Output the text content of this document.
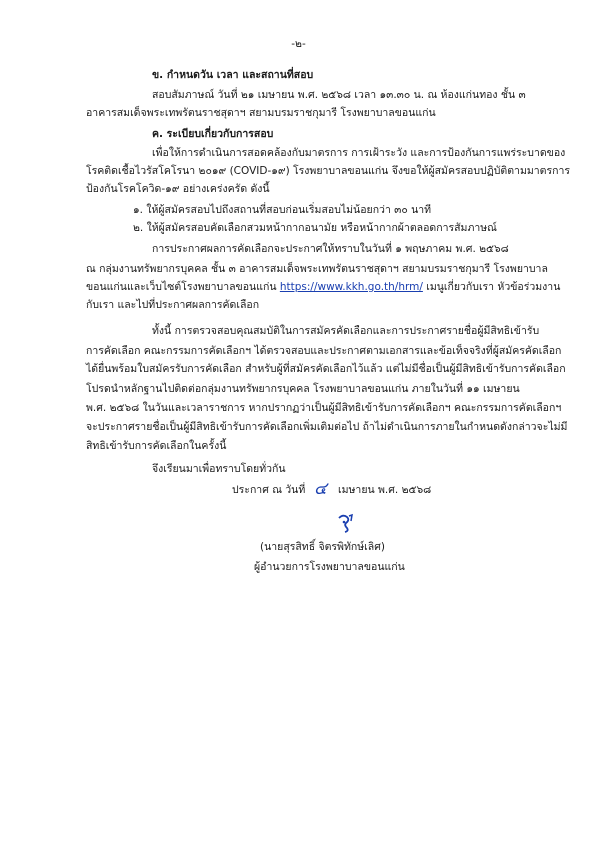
-๒-
ข. กำหนดวัน เวลา และสถานที่สอบ
สอบสัมภาษณ์ วันที่ ๒๑ เมษายน พ.ศ. ๒๕๖๘ เวลา ๑๓.๓๐ น. ณ ห้องแก่นทอง ชั้น ๓
อาคารสมเด็จพระเทพรัตนราชสุดาฯ สยามบรมราชกุมารี โรงพยาบาลขอนแก่น
ค. ระเบียบเกี่ยวกับการสอบ
เพื่อให้การดำเนินการสอดคล้องกับมาตรการ การเฝ้าระวัง และการป้องกันการแพร่ระบาดของ
โรคติดเชื้อไวรัสโคโรนา ๒๐๑๙ (COVID-๑๙) โรงพยาบาลขอนแก่น จึงขอให้ผู้สมัครสอบปฏิบัติตามมาตรการ
ป้องกันโรคโควิด-๑๙ อย่างเคร่งครัด ดังนี้
๑. ให้ผู้สมัครสอบไปถึงสถานที่สอบก่อนเริ่มสอบไม่น้อยกว่า ๓๐ นาที
๒. ให้ผู้สมัครสอบคัดเลือกสวมหน้ากากอนามัย หรือหน้ากากผ้าตลอดการสัมภาษณ์
การประกาศผลการคัดเลือกจะประกาศให้ทราบในวันที่ ๑ พฤษภาคม พ.ศ. ๒๕๖๘
ณ กลุ่มงานทรัพยากรบุคคล ชั้น ๓ อาคารสมเด็จพระเทพรัตนราชสุดาฯ สยามบรมราชกุมารี โรงพยาบาล
ขอนแก่นและเว็บไซต์โรงพยาบาลขอนแก่น https://www.kkh.go.th/hrm/ เมนูเกี่ยวกับเรา หัวข้อร่วมงาน
กับเรา และไปที่ประกาศผลการคัดเลือก
ทั้งนี้ การตรวจสอบคุณสมบัติในการสมัครคัดเลือกและการประกาศรายชื่อผู้มีสิทธิเข้ารับ
การคัดเลือก คณะกรรมการคัดเลือกฯ ได้ตรวจสอบและประกาศตามเอกสารและข้อเท็จจริงที่ผู้สมัครคัดเลือก
ได้ยื่นพร้อมใบสมัครรับการคัดเลือก สำหรับผู้ที่สมัครคัดเลือกไว้แล้ว แต่ไม่มีชื่อเป็นผู้มีสิทธิเข้ารับการคัดเลือก
โปรดนำหลักฐานไปติดต่อกลุ่มงานทรัพยากรบุคคล โรงพยาบาลขอนแก่น ภายในวันที่ ๑๑ เมษายน
พ.ศ. ๒๕๖๘ ในวันและเวลาราชการ หากปรากฏว่าเป็นผู้มีสิทธิเข้ารับการคัดเลือกฯ คณะกรรมการคัดเลือกฯ
จะประกาศรายชื่อเป็นผู้มีสิทธิเข้ารับการคัดเลือกเพิ่มเติมต่อไป ถ้าไม่ดำเนินการภายในกำหนดดังกล่าวจะไม่มี
สิทธิเข้ารับการคัดเลือกในครั้งนี้
จึงเรียนมาเพื่อทราบโดยทั่วกัน
ประกาศ ณ วันที่ ๔ เมษายน พ.ศ. ๒๕๖๘
(นายสุรสิทธิ์ จิตรพิทักษ์เลิศ)
ผู้อำนวยการโรงพยาบาลขอนแก่น
